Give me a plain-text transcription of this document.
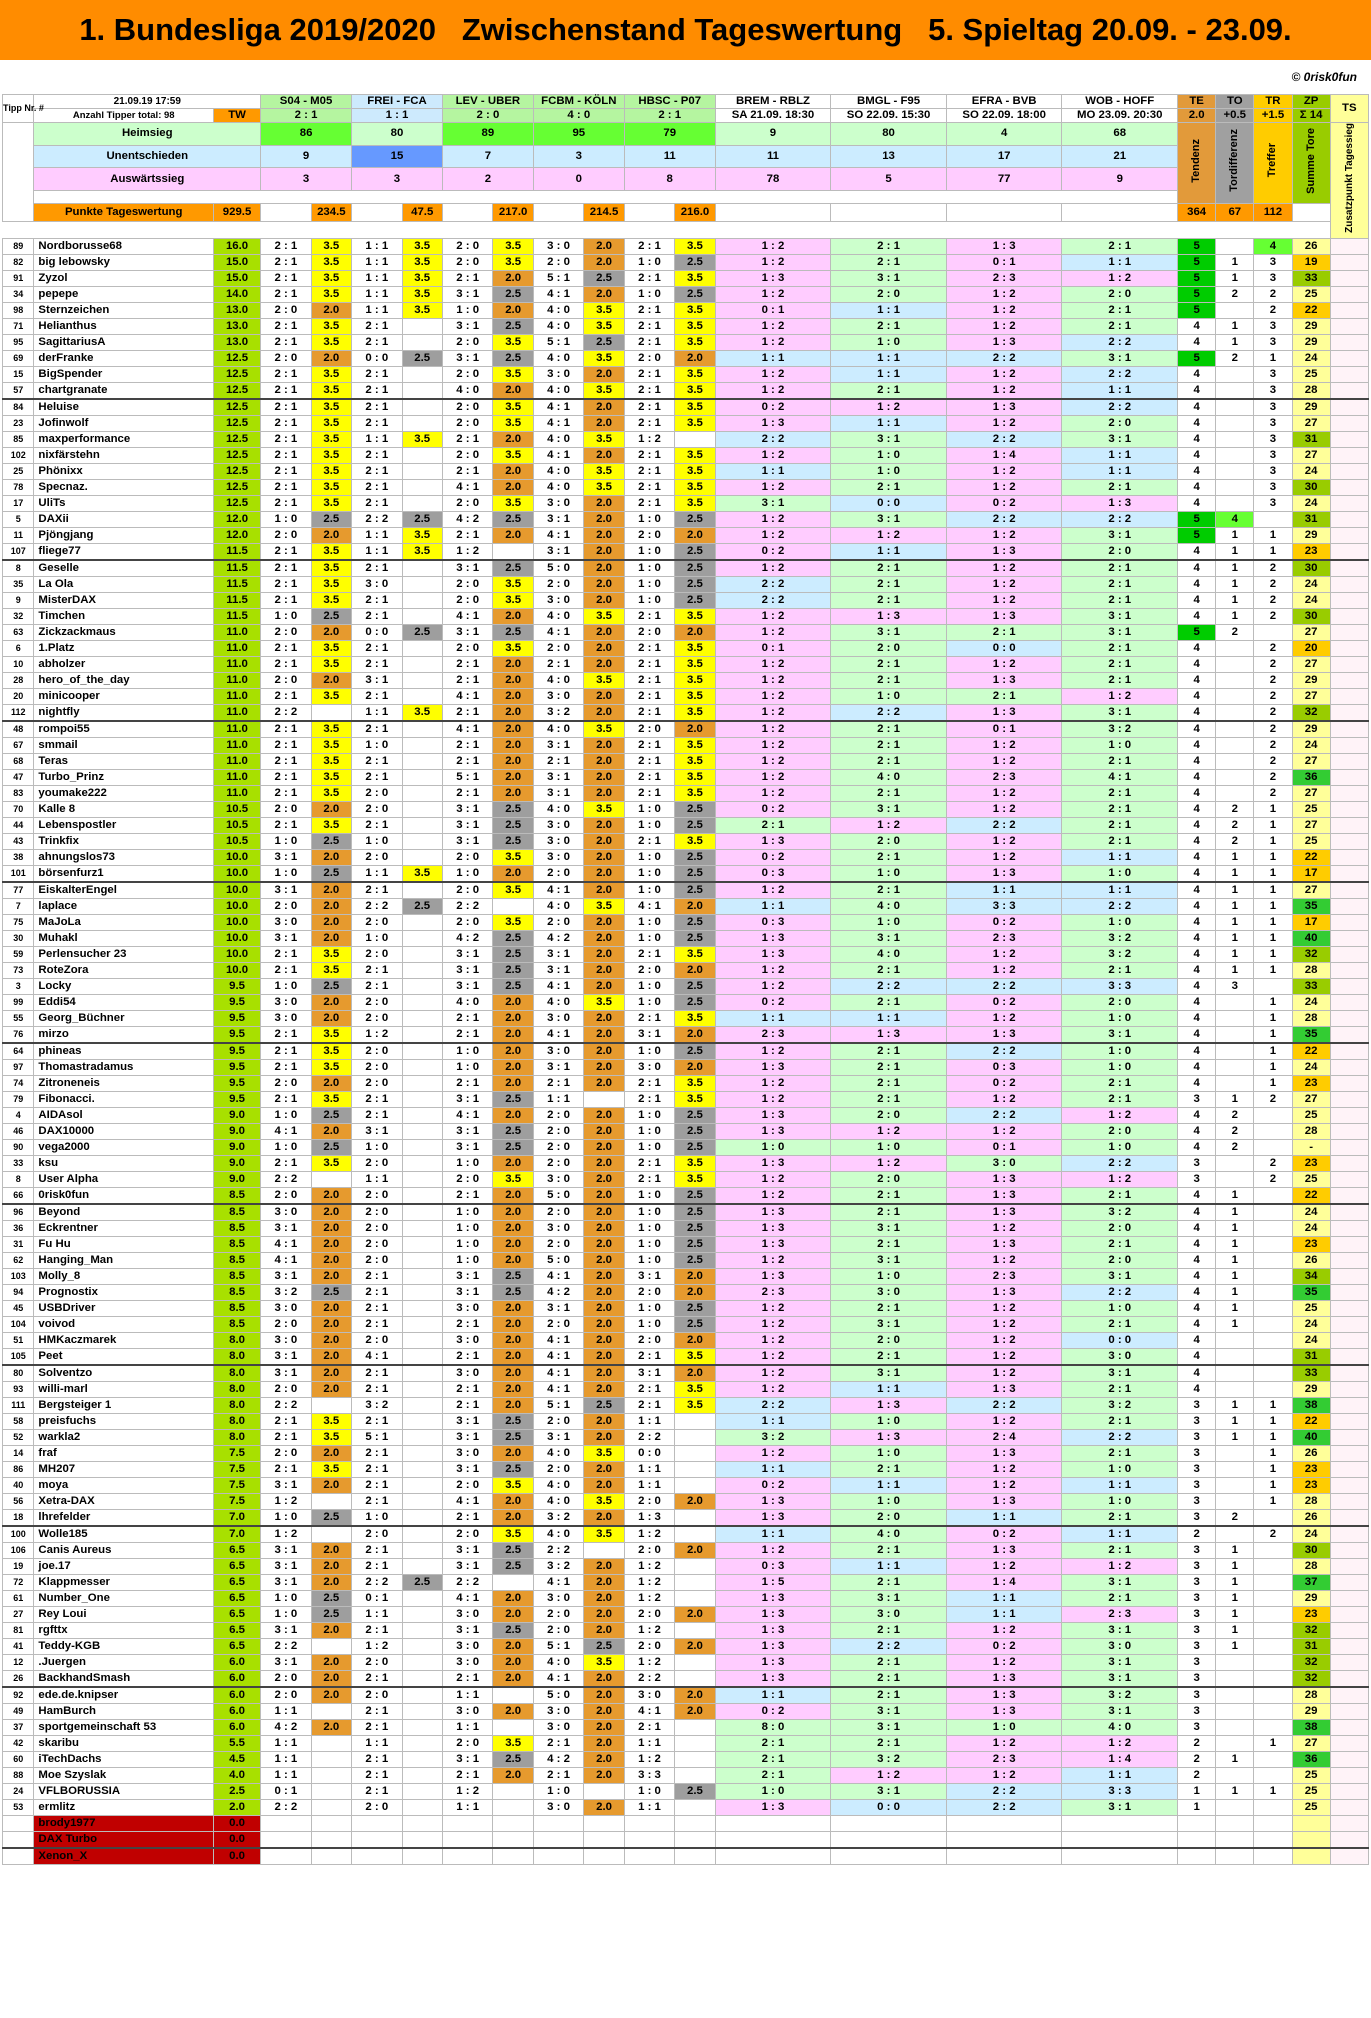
1. Bundesliga 2019/2020   Zwischenstand Tageswertung   5. Spieltag 20.09. - 23.09.
© 0risk0fun
Tipp Nr. #	21.09.19 17:59		S04 - M05		FREI - FCA		LEV - UBER		FCBM - KÖLN		HBSC - P07		BREM - RBLZ	BMGL - F95	EFRA - BVB	WOB - HOFF	TE	TO	TR	ZP	TS
	Anzahl Tipper total: 98	TW	2 : 1		1 : 1		2 : 0		4 : 0		2 : 1		SA 21.09. 18:30	SO 22.09. 15:30	SO 22.09. 18:00	MO 23.09. 20:30	2.0	+0.5	+1.5	Σ 14	
	Heimsieg		86		80		89		95		79		9	80	4	68	Tendenz	Tordifferenz	Treffer	Summe Tore	Zusatzpunkt Tagessieg
	Unentschieden		9		15		7		3		11		11	13	17	21					
	Auswärtssieg		3		3		2		0		8		78	5	77	9					

	Punkte Tageswertung	929.5		234.5		47.5		217.0		214.5		216.0					364	67	112		

89	Nordborusse68	16.0	2 : 1	3.5	1 : 1	3.5	2 : 0	3.5	3 : 0	2.0	2 : 1	3.5	1 : 2	2 : 1	1 : 3	2 : 1	5		4	26	
82	big lebowsky	15.0	2 : 1	3.5	1 : 1	3.5	2 : 0	3.5	2 : 0	2.0	1 : 0	2.5	1 : 2	2 : 1	0 : 1	1 : 1	5	1	3	19	
91	Zyzol	15.0	2 : 1	3.5	1 : 1	3.5	2 : 1	2.0	5 : 1	2.5	2 : 1	3.5	1 : 3	3 : 1	2 : 3	1 : 2	5	1	3	33	
34	pepepe	14.0	2 : 1	3.5	1 : 1	3.5	3 : 1	2.5	4 : 1	2.0	1 : 0	2.5	1 : 2	2 : 0	1 : 2	2 : 0	5	2	2	25	
98	Sternzeichen	13.0	2 : 0	2.0	1 : 1	3.5	1 : 0	2.0	4 : 0	3.5	2 : 1	3.5	0 : 1	1 : 1	1 : 2	2 : 1	5		2	22	
71	Helianthus	13.0	2 : 1	3.5	2 : 1		3 : 1	2.5	4 : 0	3.5	2 : 1	3.5	1 : 2	2 : 1	1 : 2	2 : 1	4	1	3	29	
95	SagittariusA	13.0	2 : 1	3.5	2 : 1		2 : 0	3.5	5 : 1	2.5	2 : 1	3.5	1 : 2	1 : 0	1 : 3	2 : 2	4	1	3	29	
69	derFranke	12.5	2 : 0	2.0	0 : 0	2.5	3 : 1	2.5	4 : 0	3.5	2 : 0	2.0	1 : 1	1 : 1	2 : 2	3 : 1	5	2	1	24	
15	BigSpender	12.5	2 : 1	3.5	2 : 1		2 : 0	3.5	3 : 0	2.0	2 : 1	3.5	1 : 2	1 : 1	1 : 2	2 : 2	4		3	25	
57	chartgranate	12.5	2 : 1	3.5	2 : 1		4 : 0	2.0	4 : 0	3.5	2 : 1	3.5	1 : 2	2 : 1	1 : 2	1 : 1	4		3	28	
84	Heluise	12.5	2 : 1	3.5	2 : 1		2 : 0	3.5	4 : 1	2.0	2 : 1	3.5	0 : 2	1 : 2	1 : 3	2 : 2	4		3	29	
23	Jofinwolf	12.5	2 : 1	3.5	2 : 1		2 : 0	3.5	4 : 1	2.0	2 : 1	3.5	1 : 3	1 : 1	1 : 2	2 : 0	4		3	27	
85	maxperformance	12.5	2 : 1	3.5	1 : 1	3.5	2 : 1	2.0	4 : 0	3.5	1 : 2		2 : 2	3 : 1	2 : 2	3 : 1	4		3	31	
102	nixfärstehn	12.5	2 : 1	3.5	2 : 1		2 : 0	3.5	4 : 1	2.0	2 : 1	3.5	1 : 2	1 : 0	1 : 4	1 : 1	4		3	27	
25	Phönixx	12.5	2 : 1	3.5	2 : 1		2 : 1	2.0	4 : 0	3.5	2 : 1	3.5	1 : 1	1 : 0	1 : 2	1 : 1	4		3	24	
78	Specnaz.	12.5	2 : 1	3.5	2 : 1		4 : 1	2.0	4 : 0	3.5	2 : 1	3.5	1 : 2	2 : 1	1 : 2	2 : 1	4		3	30	
17	UliTs	12.5	2 : 1	3.5	2 : 1		2 : 0	3.5	3 : 0	2.0	2 : 1	3.5	3 : 1	0 : 0	0 : 2	1 : 3	4		3	24	
5	DAXii	12.0	1 : 0	2.5	2 : 2	2.5	4 : 2	2.5	3 : 1	2.0	1 : 0	2.5	1 : 2	3 : 1	2 : 2	2 : 2	5	4		31	
11	Pjöngjang	12.0	2 : 0	2.0	1 : 1	3.5	2 : 1	2.0	4 : 1	2.0	2 : 0	2.0	1 : 2	1 : 2	1 : 2	3 : 1	5	1	1	29	
107	fliege77	11.5	2 : 1	3.5	1 : 1	3.5	1 : 2		3 : 1	2.0	1 : 0	2.5	0 : 2	1 : 1	1 : 3	2 : 0	4	1	1	23	
8	Geselle	11.5	2 : 1	3.5	2 : 1		3 : 1	2.5	5 : 0	2.0	1 : 0	2.5	1 : 2	2 : 1	1 : 2	2 : 1	4	1	2	30	
35	La Ola	11.5	2 : 1	3.5	3 : 0		2 : 0	3.5	2 : 0	2.0	1 : 0	2.5	2 : 2	2 : 1	1 : 2	2 : 1	4	1	2	24	
9	MisterDAX	11.5	2 : 1	3.5	2 : 1		2 : 0	3.5	3 : 0	2.0	1 : 0	2.5	2 : 2	2 : 1	1 : 2	2 : 1	4	1	2	24	
32	Timchen	11.5	1 : 0	2.5	2 : 1		4 : 1	2.0	4 : 0	3.5	2 : 1	3.5	1 : 2	1 : 3	1 : 3	3 : 1	4	1	2	30	
63	Zickzackmaus	11.0	2 : 0	2.0	0 : 0	2.5	3 : 1	2.5	4 : 1	2.0	2 : 0	2.0	1 : 2	3 : 1	2 : 1	3 : 1	5	2		27	
6	1.Platz	11.0	2 : 1	3.5	2 : 1		2 : 0	3.5	2 : 0	2.0	2 : 1	3.5	0 : 1	2 : 0	0 : 0	2 : 1	4		2	20	
10	abholzer	11.0	2 : 1	3.5	2 : 1		2 : 1	2.0	2 : 1	2.0	2 : 1	3.5	1 : 2	2 : 1	1 : 2	2 : 1	4		2	27	
28	hero_of_the_day	11.0	2 : 0	2.0	3 : 1		2 : 1	2.0	4 : 0	3.5	2 : 1	3.5	1 : 2	2 : 1	1 : 3	2 : 1	4		2	29	
20	minicooper	11.0	2 : 1	3.5	2 : 1		4 : 1	2.0	3 : 0	2.0	2 : 1	3.5	1 : 2	1 : 0	2 : 1	1 : 2	4		2	27	
112	nightfly	11.0	2 : 2		1 : 1	3.5	2 : 1	2.0	3 : 2	2.0	2 : 1	3.5	1 : 2	2 : 2	1 : 3	3 : 1	4		2	32	
48	rompoi55	11.0	2 : 1	3.5	2 : 1		4 : 1	2.0	4 : 0	3.5	2 : 0	2.0	1 : 2	2 : 1	0 : 1	3 : 2	4		2	29	
67	smmail	11.0	2 : 1	3.5	1 : 0		2 : 1	2.0	3 : 1	2.0	2 : 1	3.5	1 : 2	2 : 1	1 : 2	1 : 0	4		2	24	
68	Teras	11.0	2 : 1	3.5	2 : 1		2 : 1	2.0	2 : 1	2.0	2 : 1	3.5	1 : 2	2 : 1	1 : 2	2 : 1	4		2	27	
47	Turbo_Prinz	11.0	2 : 1	3.5	2 : 1		5 : 1	2.0	3 : 1	2.0	2 : 1	3.5	1 : 2	4 : 0	2 : 3	4 : 1	4		2	36	
83	youmake222	11.0	2 : 1	3.5	2 : 0		2 : 1	2.0	3 : 1	2.0	2 : 1	3.5	1 : 2	2 : 1	1 : 2	2 : 1	4		2	27	
70	Kalle 8	10.5	2 : 0	2.0	2 : 0		3 : 1	2.5	4 : 0	3.5	1 : 0	2.5	0 : 2	3 : 1	1 : 2	2 : 1	4	2	1	25	
44	Lebenspostler	10.5	2 : 1	3.5	2 : 1		3 : 1	2.5	3 : 0	2.0	1 : 0	2.5	2 : 1	1 : 2	2 : 2	2 : 1	4	2	1	27	
43	Trinkfix	10.5	1 : 0	2.5	1 : 0		3 : 1	2.5	3 : 0	2.0	2 : 1	3.5	1 : 3	2 : 0	1 : 2	2 : 1	4	2	1	25	
38	ahnungslos73	10.0	3 : 1	2.0	2 : 0		2 : 0	3.5	3 : 0	2.0	1 : 0	2.5	0 : 2	2 : 1	1 : 2	1 : 1	4	1	1	22	
101	börsenfurz1	10.0	1 : 0	2.5	1 : 1	3.5	1 : 0	2.0	2 : 0	2.0	1 : 0	2.5	0 : 3	1 : 0	1 : 3	1 : 0	4	1	1	17	
77	EiskalterEngel	10.0	3 : 1	2.0	2 : 1		2 : 0	3.5	4 : 1	2.0	1 : 0	2.5	1 : 2	2 : 1	1 : 1	1 : 1	4	1	1	27	
7	laplace	10.0	2 : 0	2.0	2 : 2	2.5	2 : 2		4 : 0	3.5	4 : 1	2.0	1 : 1	4 : 0	3 : 3	2 : 2	4	1	1	35	
75	MaJoLa	10.0	3 : 0	2.0	2 : 0		2 : 0	3.5	2 : 0	2.0	1 : 0	2.5	0 : 3	1 : 0	0 : 2	1 : 0	4	1	1	17	
30	Muhakl	10.0	3 : 1	2.0	1 : 0		4 : 2	2.5	4 : 2	2.0	1 : 0	2.5	1 : 3	3 : 1	2 : 3	3 : 2	4	1	1	40	
59	Perlensucher 23	10.0	2 : 1	3.5	2 : 0		3 : 1	2.5	3 : 1	2.0	2 : 1	3.5	1 : 3	4 : 0	1 : 2	3 : 2	4	1	1	32	
73	RoteZora	10.0	2 : 1	3.5	2 : 1		3 : 1	2.5	3 : 1	2.0	2 : 0	2.0	1 : 2	2 : 1	1 : 2	2 : 1	4	1	1	28	
3	Locky	9.5	1 : 0	2.5	2 : 1		3 : 1	2.5	4 : 1	2.0	1 : 0	2.5	1 : 2	2 : 2	2 : 2	3 : 3	4	3		33	
99	Eddi54	9.5	3 : 0	2.0	2 : 0		4 : 0	2.0	4 : 0	3.5	1 : 0	2.5	0 : 2	2 : 1	0 : 2	2 : 0	4		1	24	
55	Georg_Büchner	9.5	3 : 0	2.0	2 : 0		2 : 1	2.0	3 : 0	2.0	2 : 1	3.5	1 : 1	1 : 1	1 : 2	1 : 0	4		1	28	
76	mirzo	9.5	2 : 1	3.5	1 : 2		2 : 1	2.0	4 : 1	2.0	3 : 1	2.0	2 : 3	1 : 3	1 : 3	3 : 1	4		1	35	
64	phineas	9.5	2 : 1	3.5	2 : 0		1 : 0	2.0	3 : 0	2.0	1 : 0	2.5	1 : 2	2 : 1	2 : 2	1 : 0	4		1	22	
97	Thomastradamus	9.5	2 : 1	3.5	2 : 0		1 : 0	2.0	3 : 1	2.0	3 : 0	2.0	1 : 3	2 : 1	0 : 3	1 : 0	4		1	24	
74	Zitroneneis	9.5	2 : 0	2.0	2 : 0		2 : 1	2.0	2 : 1	2.0	2 : 1	3.5	1 : 2	2 : 1	0 : 2	2 : 1	4		1	23	
79	Fibonacci.	9.5	2 : 1	3.5	2 : 1		3 : 1	2.5	1 : 1		2 : 1	3.5	1 : 2	2 : 1	1 : 2	2 : 1	3	1	2	27	
4	AIDAsol	9.0	1 : 0	2.5	2 : 1		4 : 1	2.0	2 : 0	2.0	1 : 0	2.5	1 : 3	2 : 0	2 : 2	1 : 2	4	2		25	
46	DAX10000	9.0	4 : 1	2.0	3 : 1		3 : 1	2.5	2 : 0	2.0	1 : 0	2.5	1 : 3	1 : 2	1 : 2	2 : 0	4	2		28	
90	vega2000	9.0	1 : 0	2.5	1 : 0		3 : 1	2.5	2 : 0	2.0	1 : 0	2.5	1 : 0	1 : 0	0 : 1	1 : 0	4	2		-	
33	ksu	9.0	2 : 1	3.5	2 : 0		1 : 0	2.0	2 : 0	2.0	2 : 1	3.5	1 : 3	1 : 2	3 : 0	2 : 2	3		2	23	
8	User Alpha	9.0	2 : 2		1 : 1		2 : 0	3.5	3 : 0	2.0	2 : 1	3.5	1 : 2	2 : 0	1 : 3	1 : 2	3		2	25	
66	0risk0fun	8.5	2 : 0	2.0	2 : 0		2 : 1	2.0	5 : 0	2.0	1 : 0	2.5	1 : 2	2 : 1	1 : 3	2 : 1	4	1		22	
96	Beyond	8.5	3 : 0	2.0	2 : 0		1 : 0	2.0	2 : 0	2.0	1 : 0	2.5	1 : 3	2 : 1	1 : 3	3 : 2	4	1		24	
36	Eckrentner	8.5	3 : 1	2.0	2 : 0		1 : 0	2.0	3 : 0	2.0	1 : 0	2.5	1 : 3	3 : 1	1 : 2	2 : 0	4	1		24	
31	Fu Hu	8.5	4 : 1	2.0	2 : 0		1 : 0	2.0	2 : 0	2.0	1 : 0	2.5	1 : 3	2 : 1	1 : 3	2 : 1	4	1		23	
62	Hanging_Man	8.5	4 : 1	2.0	2 : 0		1 : 0	2.0	5 : 0	2.0	1 : 0	2.5	1 : 2	3 : 1	1 : 2	2 : 0	4	1		26	
103	Molly_8	8.5	3 : 1	2.0	2 : 1		3 : 1	2.5	4 : 1	2.0	3 : 1	2.0	1 : 3	1 : 0	2 : 3	3 : 1	4	1		34	
94	Prognostix	8.5	3 : 2	2.5	2 : 1		3 : 1	2.5	4 : 2	2.0	2 : 0	2.0	2 : 3	3 : 0	1 : 3	2 : 2	4	1		35	
45	USBDriver	8.5	3 : 0	2.0	2 : 1		3 : 0	2.0	3 : 1	2.0	1 : 0	2.5	1 : 2	2 : 1	1 : 2	1 : 0	4	1		25	
104	voivod	8.5	2 : 0	2.0	2 : 1		2 : 1	2.0	2 : 0	2.0	1 : 0	2.5	1 : 2	3 : 1	1 : 2	2 : 1	4	1		24	
51	HMKaczmarek	8.0	3 : 0	2.0	2 : 0		3 : 0	2.0	4 : 1	2.0	2 : 0	2.0	1 : 2	2 : 0	1 : 2	0 : 0	4			24	
105	Peet	8.0	3 : 1	2.0	4 : 1		2 : 1	2.0	4 : 1	2.0	2 : 1	3.5	1 : 2	2 : 1	1 : 2	3 : 0	4			31	
80	Solventzo	8.0	3 : 1	2.0	2 : 1		3 : 0	2.0	4 : 1	2.0	3 : 1	2.0	1 : 2	3 : 1	1 : 2	3 : 1	4			33	
93	willi-marl	8.0	2 : 0	2.0	2 : 1		2 : 1	2.0	4 : 1	2.0	2 : 1	3.5	1 : 2	1 : 1	1 : 3	2 : 1	4			29	
111	Bergsteiger 1	8.0	2 : 2		3 : 2		2 : 1	2.0	5 : 1	2.5	2 : 1	3.5	2 : 2	1 : 3	2 : 2	3 : 2	3	1	1	38	
58	preisfuchs	8.0	2 : 1	3.5	2 : 1		3 : 1	2.5	2 : 0	2.0	1 : 1		1 : 1	1 : 0	1 : 2	2 : 1	3	1	1	22	
52	warkla2	8.0	2 : 1	3.5	5 : 1		3 : 1	2.5	3 : 1	2.0	2 : 2		3 : 2	1 : 3	2 : 4	2 : 2	3	1	1	40	
14	fraf	7.5	2 : 0	2.0	2 : 1		3 : 0	2.0	4 : 0	3.5	0 : 0		1 : 2	1 : 0	1 : 3	2 : 1	3		1	26	
86	MH207	7.5	2 : 1	3.5	2 : 1		3 : 1	2.5	2 : 0	2.0	1 : 1		1 : 1	2 : 1	1 : 2	1 : 0	3		1	23	
40	moya	7.5	3 : 1	2.0	2 : 1		2 : 0	3.5	4 : 0	2.0	1 : 1		0 : 2	1 : 1	1 : 2	1 : 1	3		1	23	
56	Xetra-DAX	7.5	1 : 2		2 : 1		4 : 1	2.0	4 : 0	3.5	2 : 0	2.0	1 : 3	1 : 0	1 : 3	1 : 0	3		1	28	
18	lhrefelder	7.0	1 : 0	2.5	1 : 0		2 : 1	2.0	3 : 2	2.0	1 : 3		1 : 3	2 : 0	1 : 1	2 : 1	3	2		26	
100	Wolle185	7.0	1 : 2		2 : 0		2 : 0	3.5	4 : 0	3.5	1 : 2		1 : 1	4 : 0	0 : 2	1 : 1	2		2	24	
106	Canis Aureus	6.5	3 : 1	2.0	2 : 1		3 : 1	2.5	2 : 2		2 : 0	2.0	1 : 2	2 : 1	1 : 3	2 : 1	3	1		30	
19	joe.17	6.5	3 : 1	2.0	2 : 1		3 : 1	2.5	3 : 2	2.0	1 : 2		0 : 3	1 : 1	1 : 2	1 : 2	3	1		28	
72	Klappmesser	6.5	3 : 1	2.0	2 : 2	2.5	2 : 2		4 : 1	2.0	1 : 2		1 : 5	2 : 1	1 : 4	3 : 1	3	1		37	
61	Number_One	6.5	1 : 0	2.5	0 : 1		4 : 1	2.0	3 : 0	2.0	1 : 2		1 : 3	3 : 1	1 : 1	2 : 1	3	1		29	
27	Rey Loui	6.5	1 : 0	2.5	1 : 1		3 : 0	2.0	2 : 0	2.0	2 : 0	2.0	1 : 3	3 : 0	1 : 1	2 : 3	3	1		23	
81	rgfttx	6.5	3 : 1	2.0	2 : 1		3 : 1	2.5	2 : 0	2.0	1 : 2		1 : 3	2 : 1	1 : 2	3 : 1	3	1		32	
41	Teddy-KGB	6.5	2 : 2		1 : 2		3 : 0	2.0	5 : 1	2.5	2 : 0	2.0	1 : 3	2 : 2	0 : 2	3 : 0	3	1		31	
12	.Juergen	6.0	3 : 1	2.0	2 : 0		3 : 0	2.0	4 : 0	3.5	1 : 2		1 : 3	2 : 1	1 : 2	3 : 1	3			32	
26	BackhandSmash	6.0	2 : 0	2.0	2 : 1		2 : 1	2.0	4 : 1	2.0	2 : 2		1 : 3	2 : 1	1 : 3	3 : 1	3			32	
92	ede.de.knipser	6.0	2 : 0	2.0	2 : 0		1 : 1		5 : 0	2.0	3 : 0	2.0	1 : 1	2 : 1	1 : 3	3 : 2	3			28	
49	HamBurch	6.0	1 : 1		2 : 1		3 : 0	2.0	3 : 0	2.0	4 : 1	2.0	0 : 2	3 : 1	1 : 3	3 : 1	3			29	
37	sportgemeinschaft 53	6.0	4 : 2	2.0	2 : 1		1 : 1		3 : 0	2.0	2 : 1		8 : 0	3 : 1	1 : 0	4 : 0	3			38	
42	skaribu	5.5	1 : 1		1 : 1		2 : 0	3.5	2 : 1	2.0	1 : 1		2 : 1	2 : 1	1 : 2	1 : 2	2		1	27	
60	iTechDachs	4.5	1 : 1		2 : 1		3 : 1	2.5	4 : 2	2.0	1 : 2		2 : 1	3 : 2	2 : 3	1 : 4	2	1		36	
88	Moe Szyslak	4.0	1 : 1		2 : 1		2 : 1	2.0	2 : 1	2.0	3 : 3		2 : 1	1 : 2	1 : 2	1 : 1	2			25	
24	VFLBORUSSIA	2.5	0 : 1		2 : 1		1 : 2		1 : 0		1 : 0	2.5	1 : 0	3 : 1	2 : 2	3 : 3	1	1	1	25	
53	ermlitz	2.0	2 : 2		2 : 0		1 : 1		3 : 0	2.0	1 : 1		1 : 3	0 : 0	2 : 2	3 : 1	1			25	
	brody1977	0.0																			
	DAX Turbo	0.0																			
	Xenon_X	0.0																			
